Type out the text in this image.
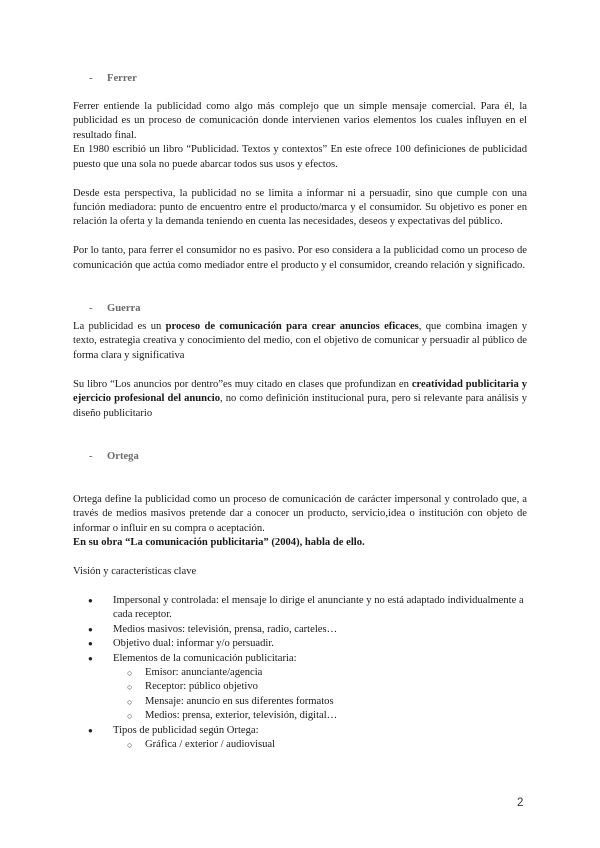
-	Ferrer

Ferrer entiende la publicidad como algo más complejo que un simple mensaje comercial. Para él, la publicidad es un proceso de comunicación donde intervienen varios elementos los cuales influyen en el resultado final.

En 1980 escribió un libro “Publicidad. Textos y contextos” En este ofrece 100 definiciones de publicidad puesto que una sola no puede abarcar todos sus usos y efectos.

Desde esta perspectiva, la publicidad no se limita a informar ni a persuadir, sino que cumple con una función mediadora: punto de encuentro entre el producto/marca y el consumidor. Su objetivo es poner en relación la oferta y la demanda teniendo en cuenta las necesidades, deseos y expectativas del público.

Por lo tanto, para ferrer el consumidor no es pasivo. Por eso considera a la publicidad como un proceso de comunicación que actúa como mediador entre el producto y el consumidor, creando relación y significado.

-	Guerra

La publicidad es un proceso de comunicación para crear anuncios eficaces, que combina imagen y texto, estrategia creativa y conocimiento del medio, con el objetivo de comunicar y persuadir al público de forma clara y significativa

Su libro “Los anuncios por dentro”es muy citado en clases que profundizan en creatividad publicitaria y ejercicio profesional del anuncio, no como definición institucional pura, pero si relevante para análisis y diseño publicitario

-	Ortega

Ortega define la publicidad como un proceso de comunicación de carácter impersonal y controlado que, a través de medios masivos pretende dar a conocer un producto, servicio,idea o institución con objeto de informar o influir en su compra o aceptación.

En su obra “La comunicación publicitaria” (2004), habla de ello.

Visión y características clave

● Impersonal y controlada: el mensaje lo dirige el anunciante y no está adaptado individualmente a cada receptor.
● Medios masivos: televisión, prensa, radio, carteles…
● Objetivo dual: informar y/o persuadir.
● Elementos de la comunicación publicitaria:
○ Emisor: anunciante/agencia
○ Receptor: público objetivo
○ Mensaje: anuncio en sus diferentes formatos
○ Medios: prensa, exterior, televisión, digital…
● Tipos de publicidad según Ortega:
○ Gráfica / exterior / audiovisual
2
